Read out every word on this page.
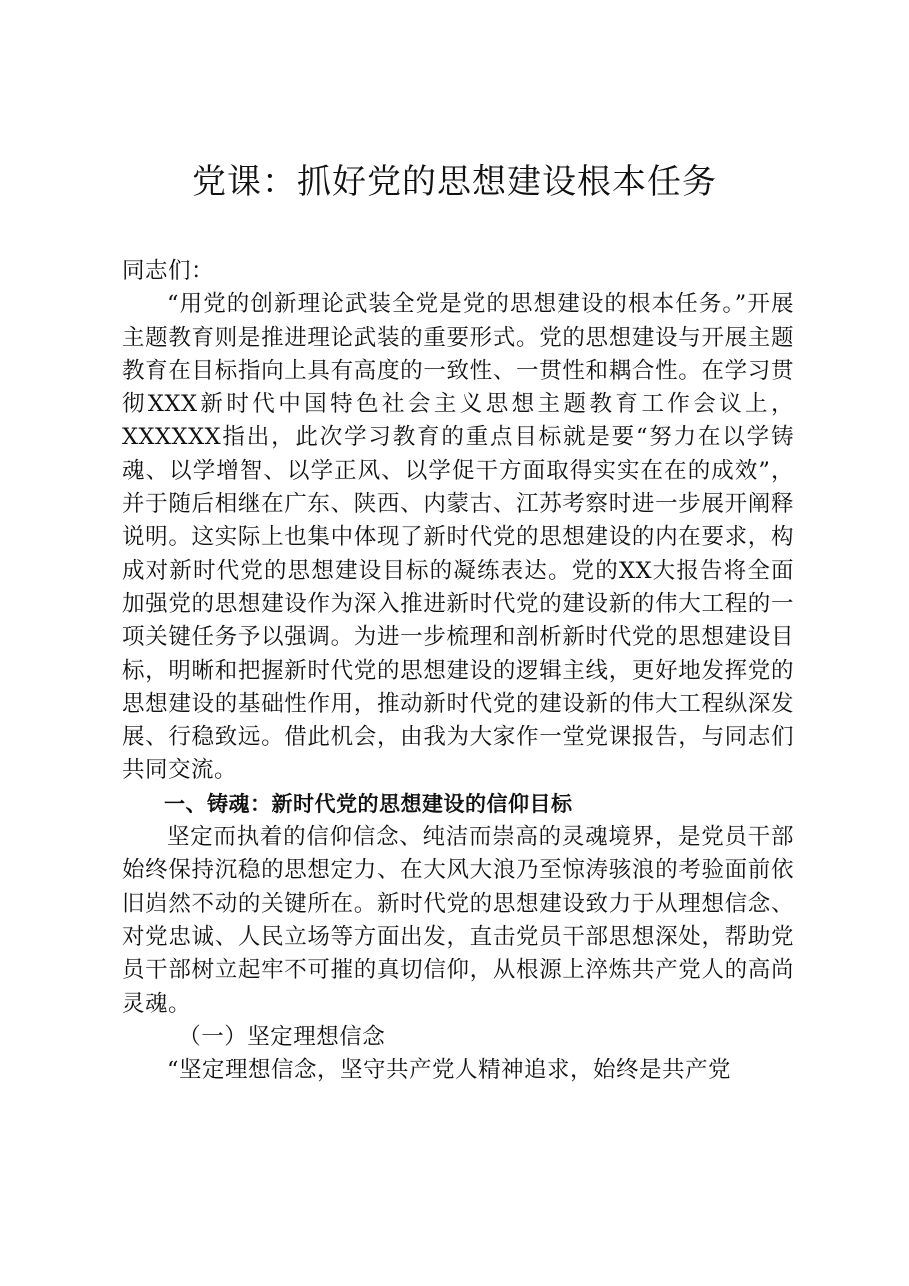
党课：抓好党的思想建设根本任务

同志们：

“用党的创新理论武装全党是党的思想建设的根本任务。”开展主题教育则是推进理论武装的重要形式。党的思想建设与开展主题教育在目标指向上具有高度的一致性、一贯性和耦合性。在学习贯彻XXX新时代中国特色社会主义思想主题教育工作会议上，XXXXXX指出，此次学习教育的重点目标就是要“努力在以学铸魂、以学增智、以学正风、以学促干方面取得实实在在的成效”，并于随后相继在广东、陕西、内蒙古、江苏考察时进一步展开阐释说明。这实际上也集中体现了新时代党的思想建设的内在要求，构成对新时代党的思想建设目标的凝练表达。党的XX大报告将全面加强党的思想建设作为深入推进新时代党的建设新的伟大工程的一项关键任务予以强调。为进一步梳理和剖析新时代党的思想建设目标，明晰和把握新时代党的思想建设的逻辑主线，更好地发挥党的思想建设的基础性作用，推动新时代党的建设新的伟大工程纵深发展、行稳致远。借此机会，由我为大家作一堂党课报告，与同志们共同交流。

一、铸魂：新时代党的思想建设的信仰目标

坚定而执着的信仰信念、纯洁而崇高的灵魂境界，是党员干部始终保持沉稳的思想定力、在大风大浪乃至惊涛骇浪的考验面前依旧岿然不动的关键所在。新时代党的思想建设致力于从理想信念、对党忠诚、人民立场等方面出发，直击党员干部思想深处，帮助党员干部树立起牢不可摧的真切信仰，从根源上淬炼共产党人的高尚灵魂。

（一）坚定理想信念

“坚定理想信念，坚守共产党人精神追求，始终是共产党
